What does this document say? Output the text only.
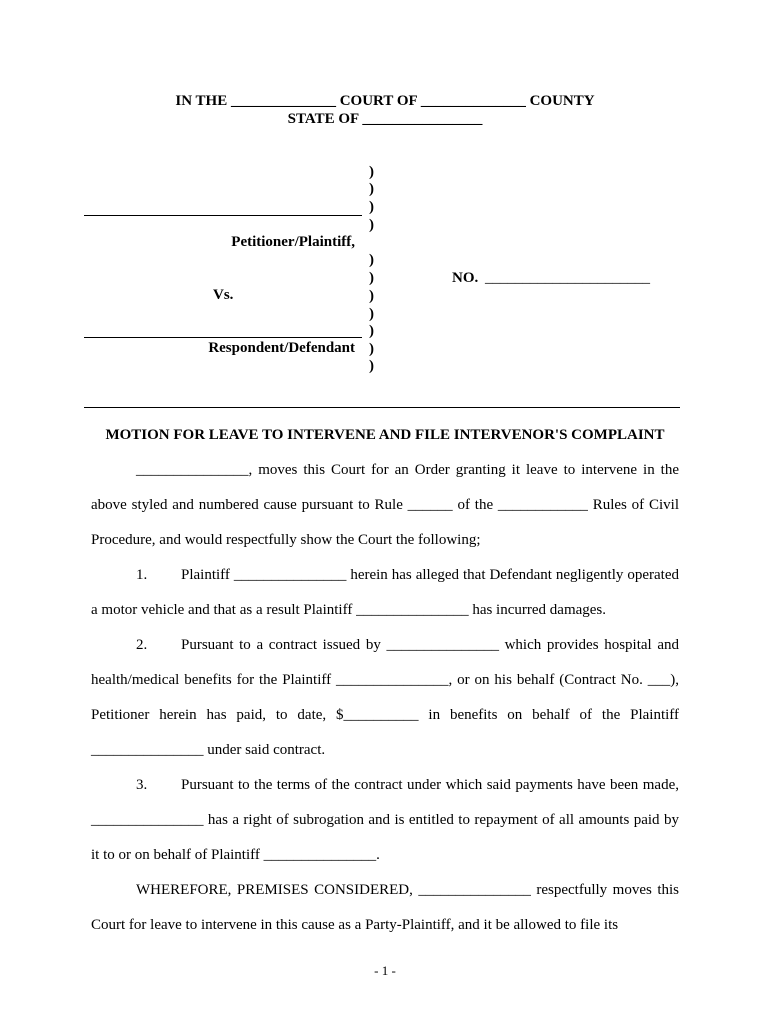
IN THE ______________ COURT OF ______________ COUNTY
STATE OF ________________
)
)
)
)
)
)
)
)
)
)
)
Petitioner/Plaintiff,
Vs.
Respondent/Defendant
NO. ______________________
MOTION FOR LEAVE TO INTERVENE AND FILE INTERVENOR'S COMPLAINT

_______________, moves this Court for an Order granting it leave to intervene in the above styled and numbered cause pursuant to Rule ______ of the ____________ Rules of Civil Procedure, and would respectfully show the Court the following;

1. Plaintiff _______________ herein has alleged that Defendant negligently operated a motor vehicle and that as a result Plaintiff _______________ has incurred damages.

2. Pursuant to a contract issued by _______________ which provides hospital and health/medical benefits for the Plaintiff _______________, or on his behalf (Contract No. ___), Petitioner herein has paid, to date, $__________ in benefits on behalf of the Plaintiff _______________ under said contract.

3. Pursuant to the terms of the contract under which said payments have been made, _______________ has a right of subrogation and is entitled to repayment of all amounts paid by it to or on behalf of Plaintiff _______________.

WHEREFORE, PREMISES CONSIDERED, _______________ respectfully moves this Court for leave to intervene in this cause as a Party-Plaintiff, and it be allowed to file its

- 1 -
